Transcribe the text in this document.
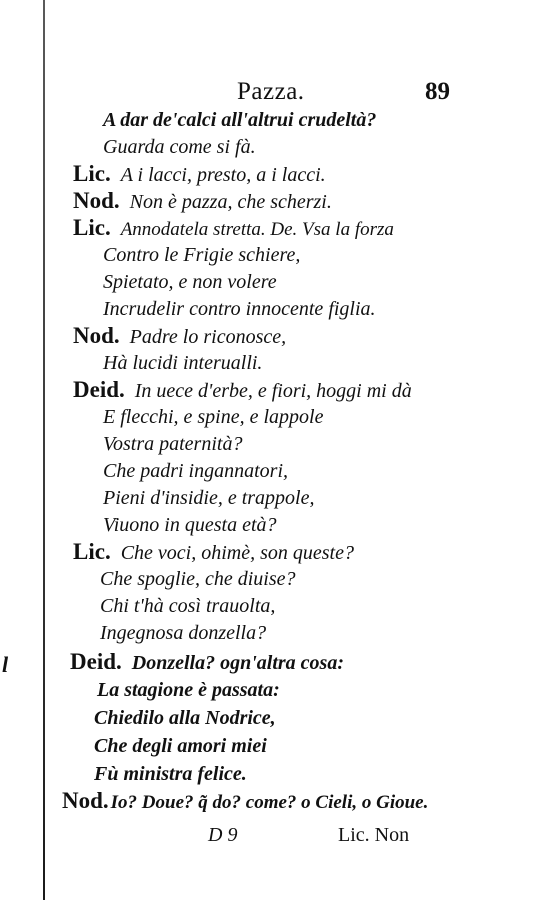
l
Pazza.	89
A dar de'calci all'altrui crudeltà?
Guarda come si fà.
Lic. A i lacci, presto, a i lacci.
Nod. Non è pazza, che scherzi.
Lic. Annodatela stretta. De. Vsa la forza
Contro le Frigie schiere,
Spietato, e non volere
Incrudelir contro innocente figlia.
Nod. Padre lo riconosce,
Hà lucidi interualli.
Deid. In uece d'erbe, e fiori, hoggi mi dà
E flecchi, e spine, e lappole
Vostra paternità?
Che padri ingannatori,
Pieni d'insidie, e trappole,
Viuono in questa età?
Lic. Che voci, ohimè, son queste?
Che spoglie, che diuise?
Chi t'hà così trauolta,
Ingegnosa donzella?
Deid. Donzella? ogn'altra cosa:
La stagione è passata:
Chiedilo alla Nodrice,
Che degli amori miei
Fù ministra felice.
Nod. Io? Doue? q̃ do? come? o Cieli, o Gioue.
D 9	Lic. Non
